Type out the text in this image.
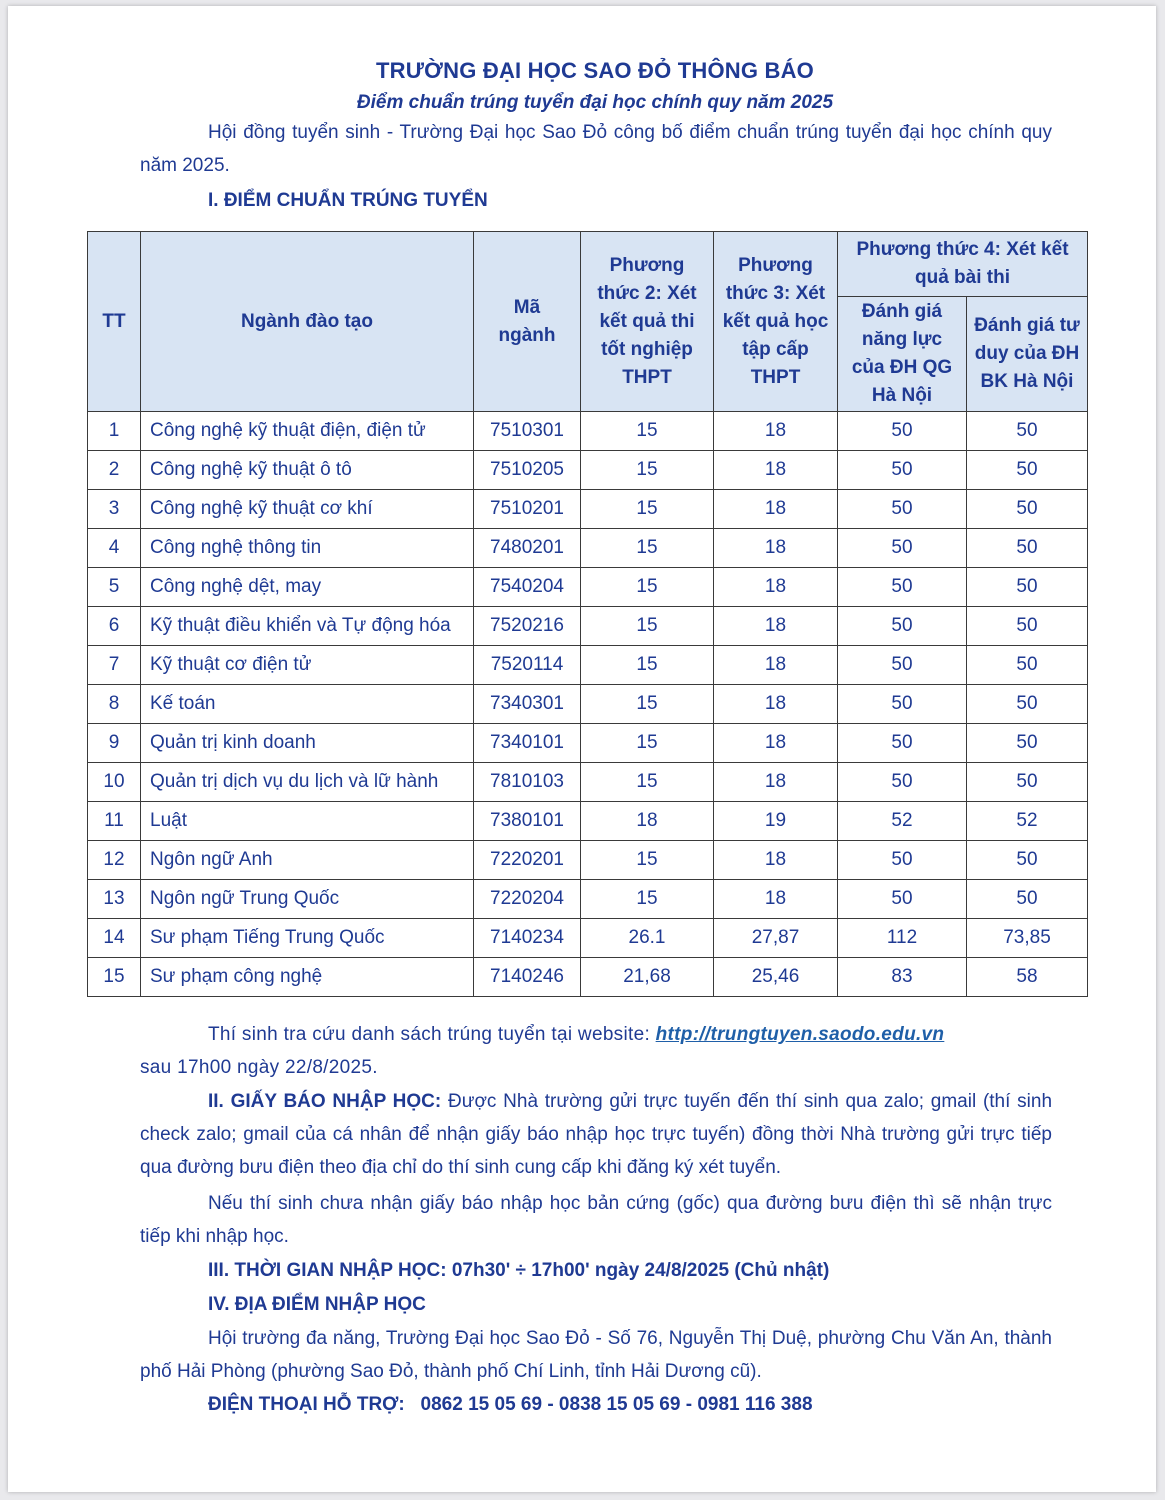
TRƯỜNG ĐẠI HỌC SAO ĐỎ THÔNG BÁO
Điểm chuẩn trúng tuyển đại học chính quy năm 2025
Hội đồng tuyển sinh - Trường Đại học Sao Đỏ công bố điểm chuẩn trúng tuyển đại học chính quy năm 2025.
I. ĐIỂM CHUẨN TRÚNG TUYỂN
TT	Ngành đào tạo	Mã ngành	Phương thức 2: Xét kết quả thi tốt nghiệp THPT	Phương thức 3: Xét kết quả học tập cấp THPT	Phương thức 4: Xét kết quả bài thi	
					Đánh giá năng lực của ĐH QG Hà Nội	Đánh giá tư duy của ĐH BK Hà Nội
1	Công nghệ kỹ thuật điện, điện tử	7510301	15	18	50	50
2	Công nghệ kỹ thuật ô tô	7510205	15	18	50	50
3	Công nghệ kỹ thuật cơ khí	7510201	15	18	50	50
4	Công nghệ thông tin	7480201	15	18	50	50
5	Công nghệ dệt, may	7540204	15	18	50	50
6	Kỹ thuật điều khiển và Tự động hóa	7520216	15	18	50	50
7	Kỹ thuật cơ điện tử	7520114	15	18	50	50
8	Kế toán	7340301	15	18	50	50
9	Quản trị kinh doanh	7340101	15	18	50	50
10	Quản trị dịch vụ du lịch và lữ hành	7810103	15	18	50	50
11	Luật	7380101	18	19	52	52
12	Ngôn ngữ Anh	7220201	15	18	50	50
13	Ngôn ngữ Trung Quốc	7220204	15	18	50	50
14	Sư phạm Tiếng Trung Quốc	7140234	26.1	27,87	112	73,85
15	Sư phạm công nghệ	7140246	21,68	25,46	83	58
Thí sinh tra cứu danh sách trúng tuyển tại website: http://trungtuyen.saodo.edu.vn
sau 17h00 ngày 22/8/2025.
II. GIẤY BÁO NHẬP HỌC: Được Nhà trường gửi trực tuyến đến thí sinh qua zalo; gmail (thí sinh check zalo; gmail của cá nhân để nhận giấy báo nhập học trực tuyến) đồng thời Nhà trường gửi trực tiếp qua đường bưu điện theo địa chỉ do thí sinh cung cấp khi đăng ký xét tuyển.
Nếu thí sinh chưa nhận giấy báo nhập học bản cứng (gốc) qua đường bưu điện thì sẽ nhận trực tiếp khi nhập học.
III. THỜI GIAN NHẬP HỌC: 07h30ʹ ÷ 17h00ʹ ngày 24/8/2025 (Chủ nhật)
IV. ĐỊA ĐIỂM NHẬP HỌC
Hội trường đa năng, Trường Đại học Sao Đỏ - Số 76, Nguyễn Thị Duệ, phường Chu Văn An, thành phố Hải Phòng (phường Sao Đỏ, thành phố Chí Linh, tỉnh Hải Dương cũ).
ĐIỆN THOẠI HỖ TRỢ: 0862 15 05 69 - 0838 15 05 69 - 0981 116 388
